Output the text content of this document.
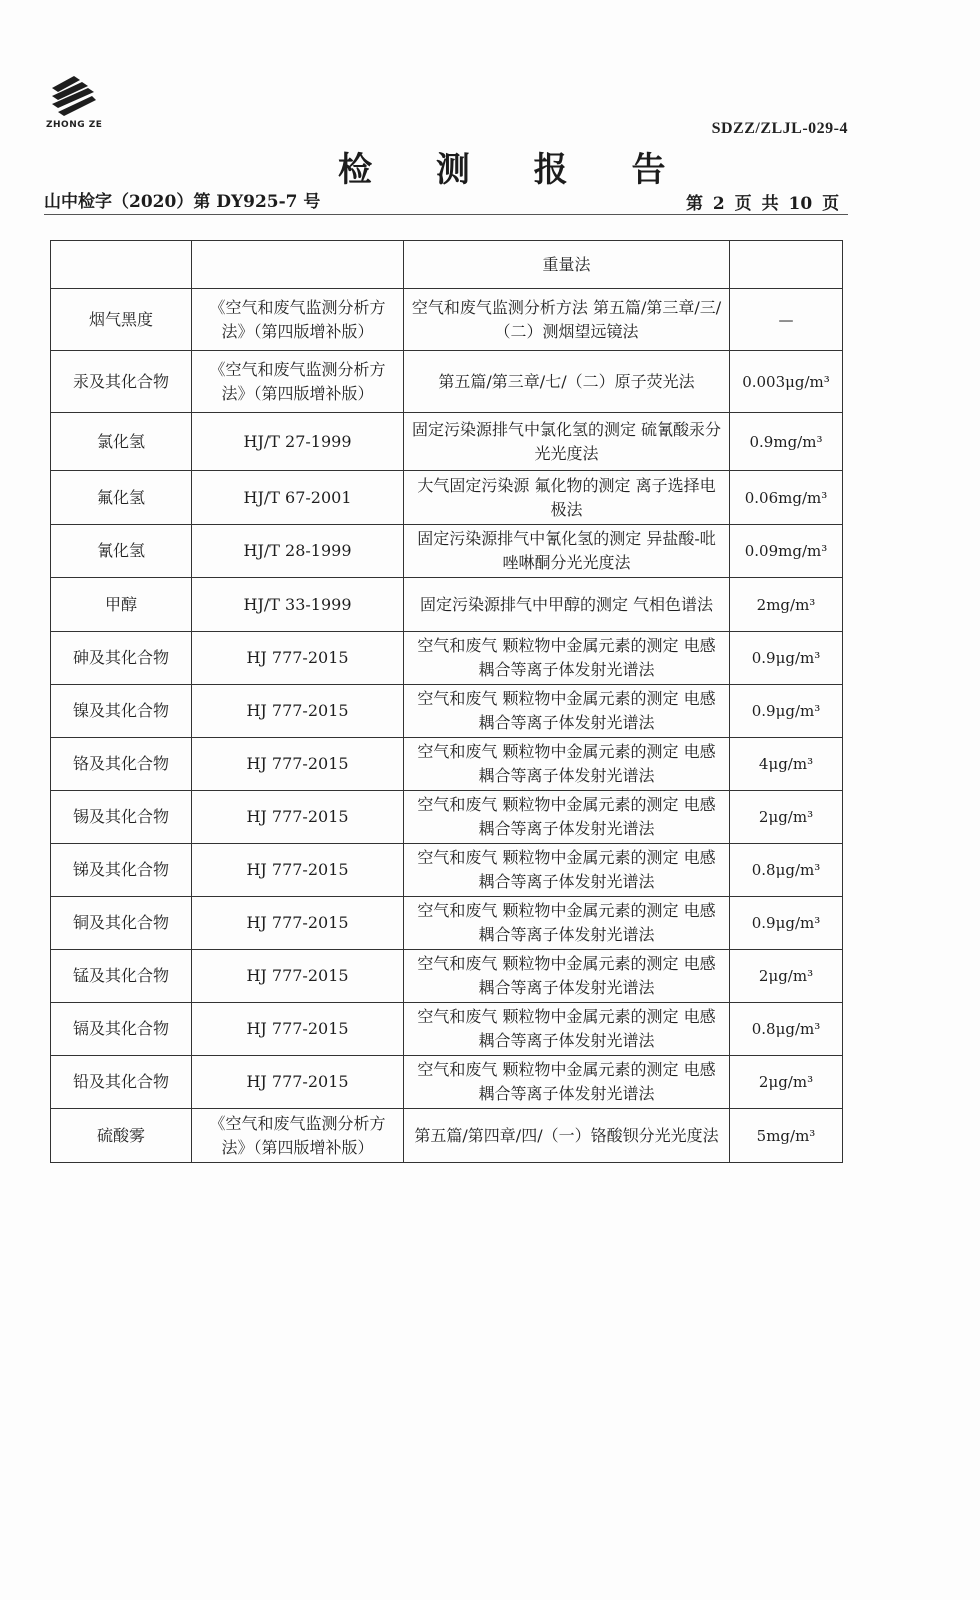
ZHONG ZE	SDZZ/ZLJL-029-4
检 测 报 告
山中检字（2020）第 DY925-7 号	第 2 页 共 10 页
		重量法	
烟气黑度	《空气和废气监测分析方法》（第四版增补版）	空气和废气监测分析方法 第五篇/第三章/三/（二）测烟望远镜法	—
汞及其化合物	《空气和废气监测分析方法》（第四版增补版）	第五篇/第三章/七/（二）原子荧光法	0.003μg/m³
氯化氢	HJ/T 27-1999	固定污染源排气中氯化氢的测定 硫氰酸汞分光光度法	0.9mg/m³
氟化氢	HJ/T 67-2001	大气固定污染源 氟化物的测定 离子选择电极法	0.06mg/m³
氰化氢	HJ/T 28-1999	固定污染源排气中氰化氢的测定 异盐酸-吡唑啉酮分光光度法	0.09mg/m³
甲醇	HJ/T 33-1999	固定污染源排气中甲醇的测定 气相色谱法	2mg/m³
砷及其化合物	HJ 777-2015	空气和废气 颗粒物中金属元素的测定 电感耦合等离子体发射光谱法	0.9μg/m³
镍及其化合物	HJ 777-2015	空气和废气 颗粒物中金属元素的测定 电感耦合等离子体发射光谱法	0.9μg/m³
铬及其化合物	HJ 777-2015	空气和废气 颗粒物中金属元素的测定 电感耦合等离子体发射光谱法	4μg/m³
锡及其化合物	HJ 777-2015	空气和废气 颗粒物中金属元素的测定 电感耦合等离子体发射光谱法	2μg/m³
锑及其化合物	HJ 777-2015	空气和废气 颗粒物中金属元素的测定 电感耦合等离子体发射光谱法	0.8μg/m³
铜及其化合物	HJ 777-2015	空气和废气 颗粒物中金属元素的测定 电感耦合等离子体发射光谱法	0.9μg/m³
锰及其化合物	HJ 777-2015	空气和废气 颗粒物中金属元素的测定 电感耦合等离子体发射光谱法	2μg/m³
镉及其化合物	HJ 777-2015	空气和废气 颗粒物中金属元素的测定 电感耦合等离子体发射光谱法	0.8μg/m³
铅及其化合物	HJ 777-2015	空气和废气 颗粒物中金属元素的测定 电感耦合等离子体发射光谱法	2μg/m³
硫酸雾	《空气和废气监测分析方法》（第四版增补版）	第五篇/第四章/四/（一）铬酸钡分光光度法	5mg/m³
